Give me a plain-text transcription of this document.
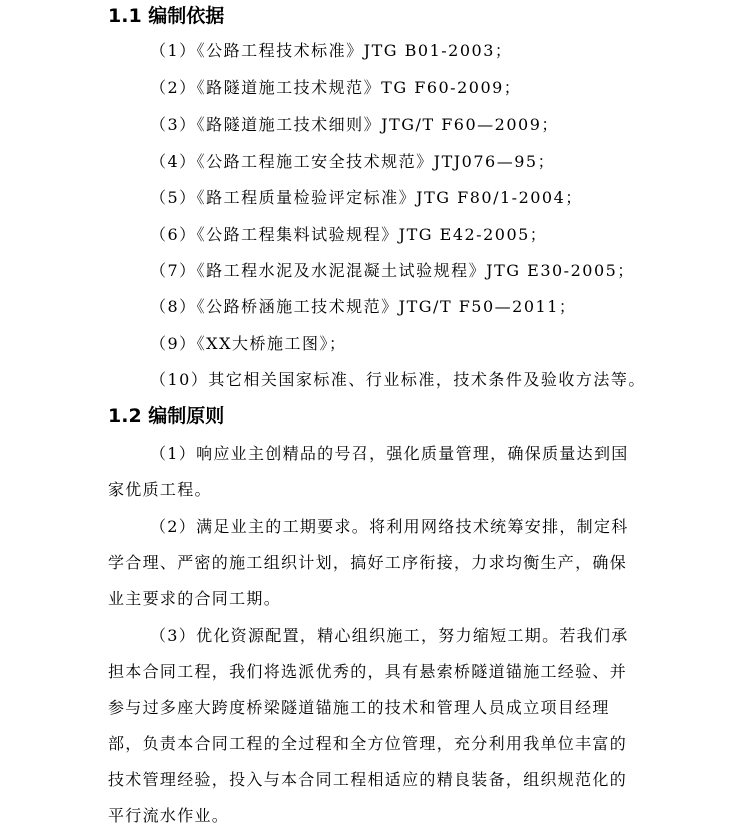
1.1 编制依据
（1）《公路工程技术标准》JTG B01-2003；
（2）《路隧道施工技术规范》TG F60-2009；
（3）《路隧道施工技术细则》JTG/T F60—2009；
（4）《公路工程施工安全技术规范》JTJ076—95；
（5）《路工程质量检验评定标准》JTG F80/1-2004；
（6）《公路工程集料试验规程》JTG E42-2005；
（7）《路工程水泥及水泥混凝土试验规程》JTG E30-2005；
（8）《公路桥涵施工技术规范》JTG/T F50—2011；
（9）《XX大桥施工图》；
（10）其它相关国家标准、行业标准，技术条件及验收方法等。
1.2 编制原则
（1）响应业主创精品的号召，强化质量管理，确保质量达到国
家优质工程。
（2）满足业主的工期要求。将利用网络技术统筹安排，制定科
学合理、严密的施工组织计划，搞好工序衔接，力求均衡生产，确保
业主要求的合同工期。
（3）优化资源配置，精心组织施工，努力缩短工期。若我们承
担本合同工程，我们将选派优秀的，具有悬索桥隧道锚施工经验、并
参与过多座大跨度桥梁隧道锚施工的技术和管理人员成立项目经理
部，负责本合同工程的全过程和全方位管理，充分利用我单位丰富的
技术管理经验，投入与本合同工程相适应的精良装备，组织规范化的
平行流水作业。
